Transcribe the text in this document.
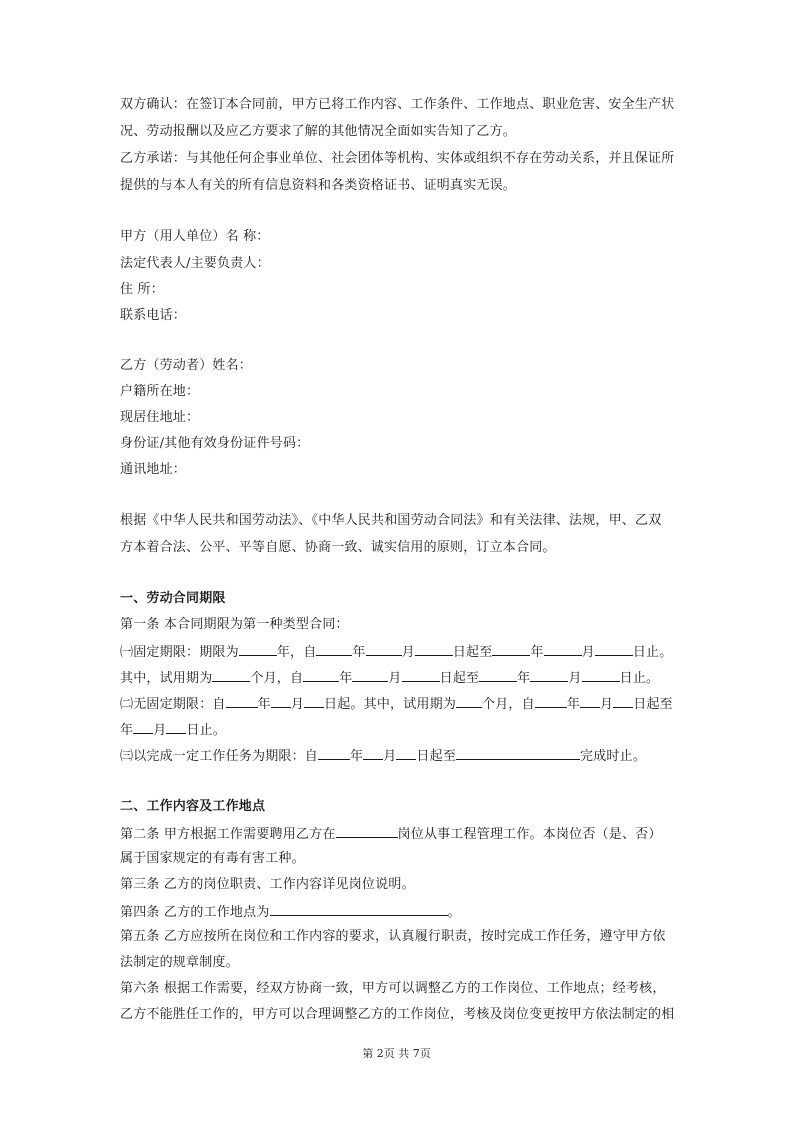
双方确认：在签订本合同前，甲方已将工作内容、工作条件、工作地点、职业危害、安全生产状
况、劳动报酬以及应乙方要求了解的其他情况全面如实告知了乙方。
乙方承诺：与其他任何企事业单位、社会团体等机构、实体或组织不存在劳动关系，并且保证所
提供的与本人有关的所有信息资料和各类资格证书、证明真实无误。
甲方（用人单位）名 称：
法定代表人/主要负责人：
住 所：
联系电话：
乙方（劳动者）姓名：
户籍所在地：
现居住地址：
身份证/其他有效身份证件号码：
通讯地址：
根据《中华人民共和国劳动法》、《中华人民共和国劳动合同法》和有关法律、法规，甲、乙双
方本着合法、公平、平等自愿、协商一致、诚实信用的原则，订立本合同。
一、劳动合同期限
第一条 本合同期限为第一种类型合同：
㈠固定期限：期限为	年，自	年	月	日起至	年	月	日止。
其中，试用期为	个月，自	年	月	日起至	年	月	日止。
㈡无固定期限：自 年 月 日起。其中，试用期为 个月，自 年 月 日起至
年 月 日止。
㈢以完成一定工作任务为期限：自 年 月 日起至	完成时止。
二、工作内容及工作地点
第二条 甲方根据工作需要聘用乙方在	岗位从事工程管理工作。本岗位否（是、否）
属于国家规定的有毒有害工种。
第三条 乙方的岗位职责、工作内容详见岗位说明。
第四条 乙方的工作地点为	。
第五条 乙方应按所在岗位和工作内容的要求，认真履行职责，按时完成工作任务，遵守甲方依
法制定的规章制度。
第六条 根据工作需要，经双方协商一致，甲方可以调整乙方的工作岗位、工作地点；经考核，
乙方不能胜任工作的，甲方可以合理调整乙方的工作岗位，考核及岗位变更按甲方依法制定的相
第 2页 共 7页
